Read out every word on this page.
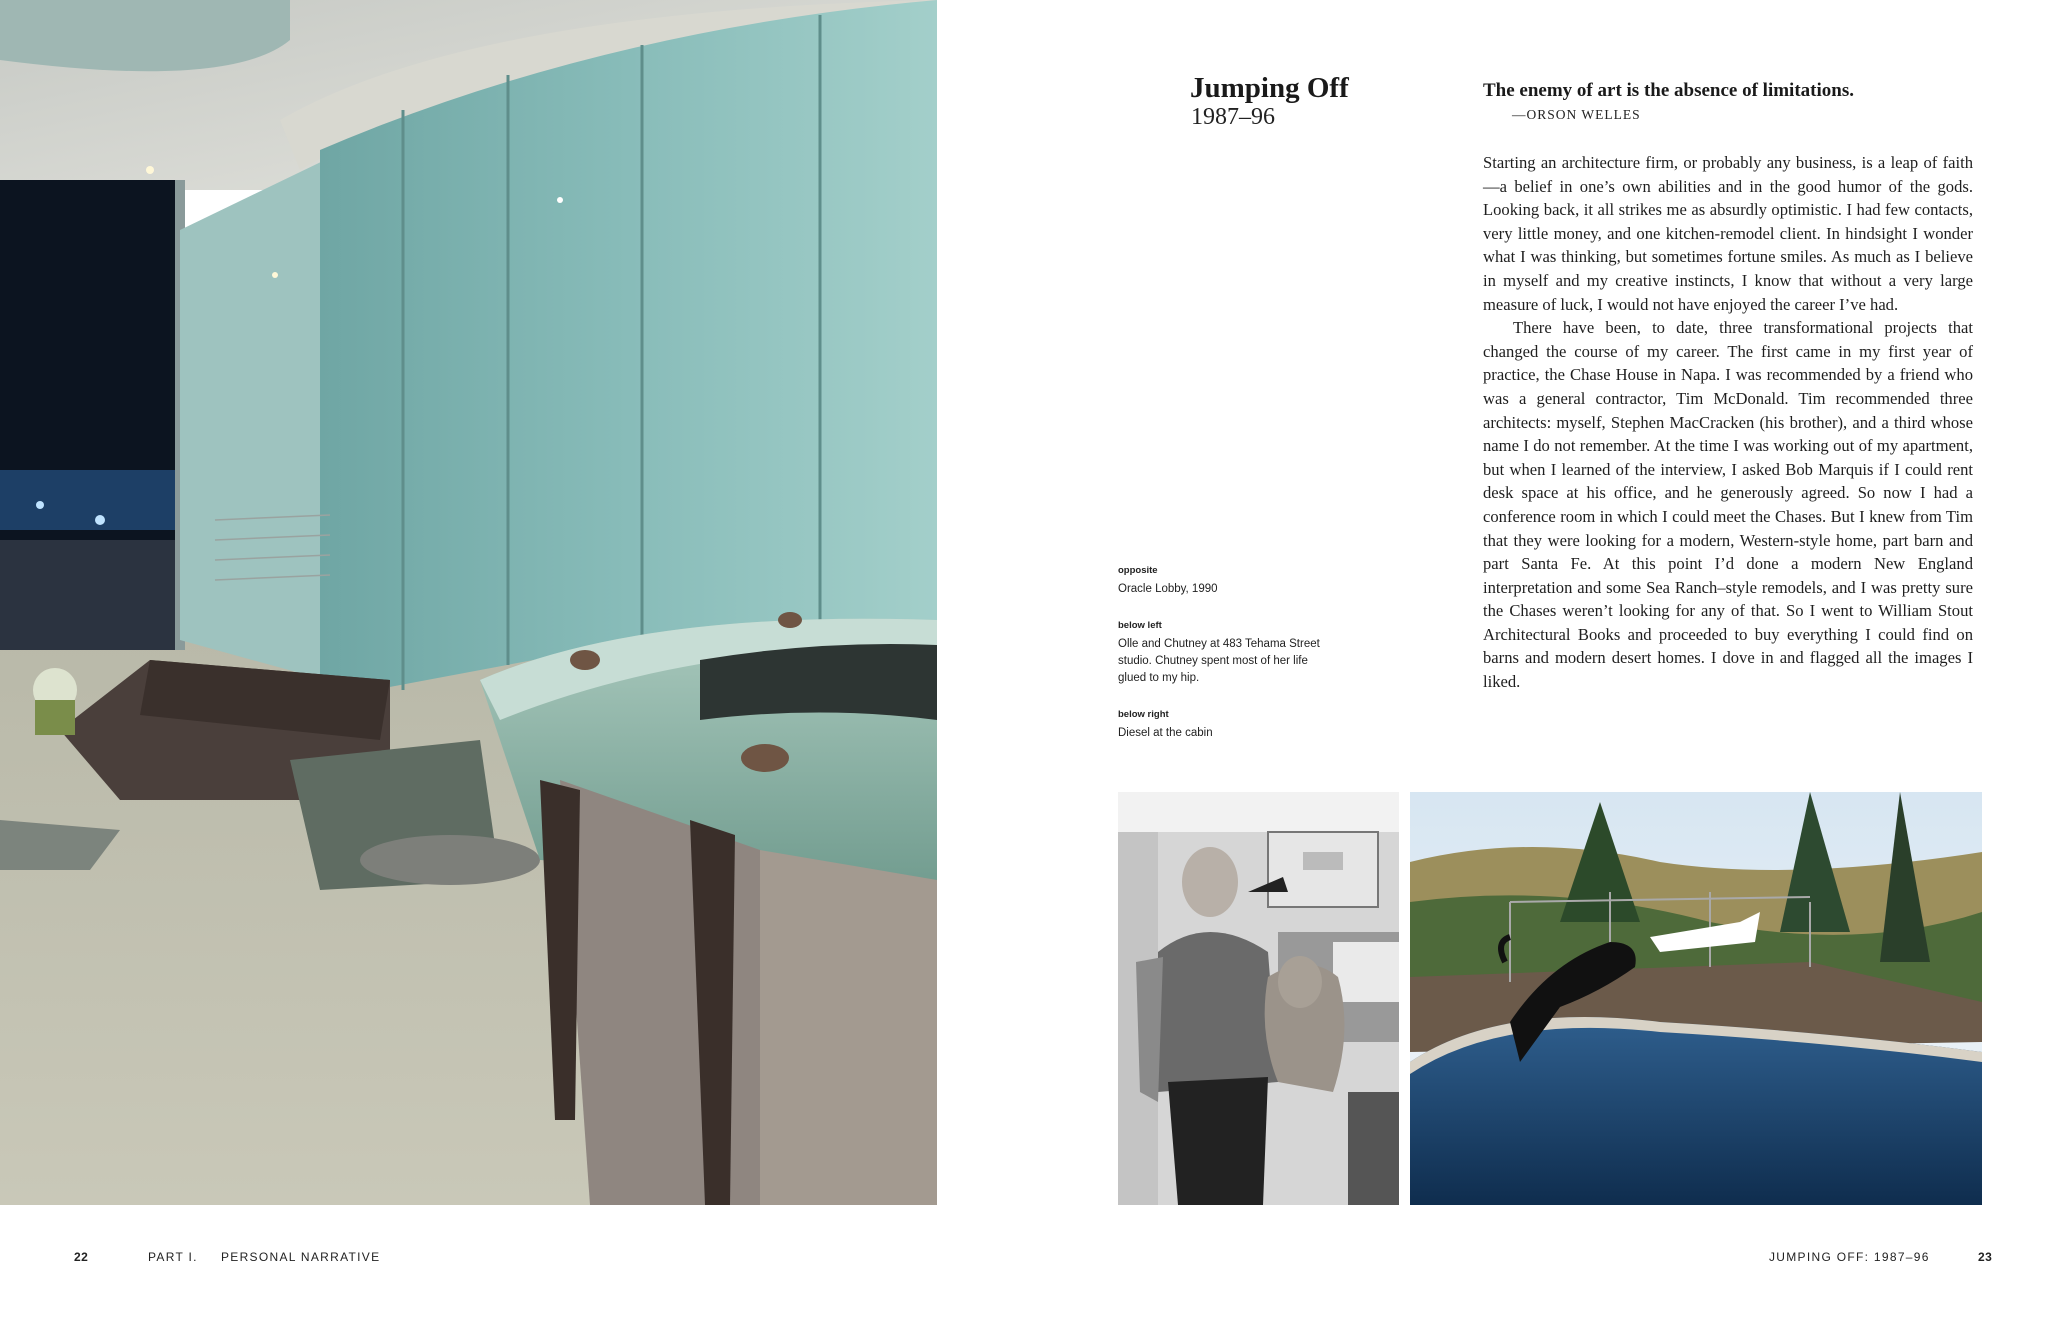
22	PART I. PERSONAL NARRATIVE
Jumping Off
1987–96
The enemy of art is the absence of limitations.
—ORSON WELLES

Starting an architecture firm, or probably any business, is a leap of faith—a belief in one’s own abilities and in the good humor of the gods. Looking back, it all strikes me as absurdly optimistic. I had few contacts, very little money, and one kitchen-remodel client. In hindsight I wonder what I was thinking, but sometimes fortune smiles. As much as I believe in myself and my creative instincts, I know that without a very large measure of luck, I would not have enjoyed the career I’ve had.

There have been, to date, three transformational projects that changed the course of my career. The first came in my first year of practice, the Chase House in Napa. I was recommended by a friend who was a general contractor, Tim McDonald. Tim recommended three architects: myself, Stephen MacCracken (his brother), and a third whose name I do not remember. At the time I was working out of my apartment, but when I learned of the interview, I asked Bob Marquis if I could rent desk space at his office, and he generously agreed. So now I had a conference room in which I could meet the Chases. But I knew from Tim that they were looking for a modern, Western-style home, part barn and part Santa Fe. At this point I’d done a modern New England interpretation and some Sea Ranch–style remodels, and I was pretty sure the Chases weren’t looking for any of that. So I went to William Stout Architectural Books and proceeded to buy everything I could find on barns and modern desert homes. I dove in and flagged all the images I liked.

opposite
Oracle Lobby, 1990
below left
Olle and Chutney at 483 Tehama Street studio. Chutney spent most of her life glued to my hip.
below right
Diesel at the cabin
JUMPING OFF: 1987–96	23
